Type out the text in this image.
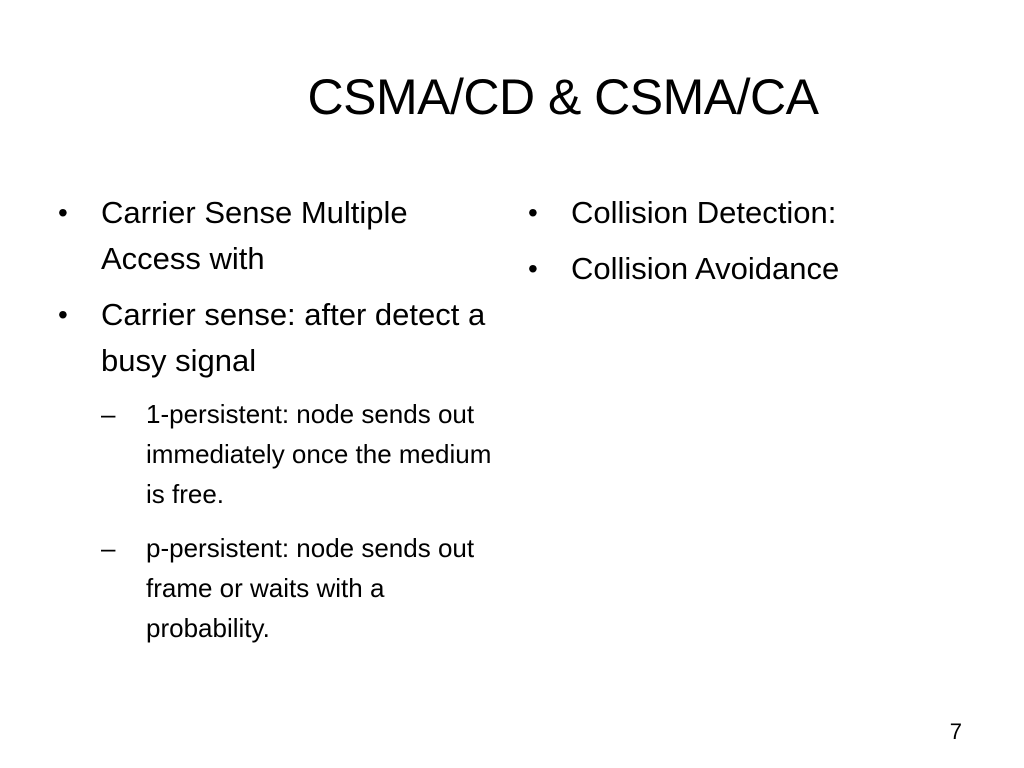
CSMA/CD & CSMA/CA
• Carrier Sense Multiple Access with
• Carrier sense: after detect a busy signal
– 1-persistent: node sends out immediately once the medium is free.
– p-persistent: node sends out frame or waits with a probability.
• Collision Detection:
• Collision Avoidance
7
